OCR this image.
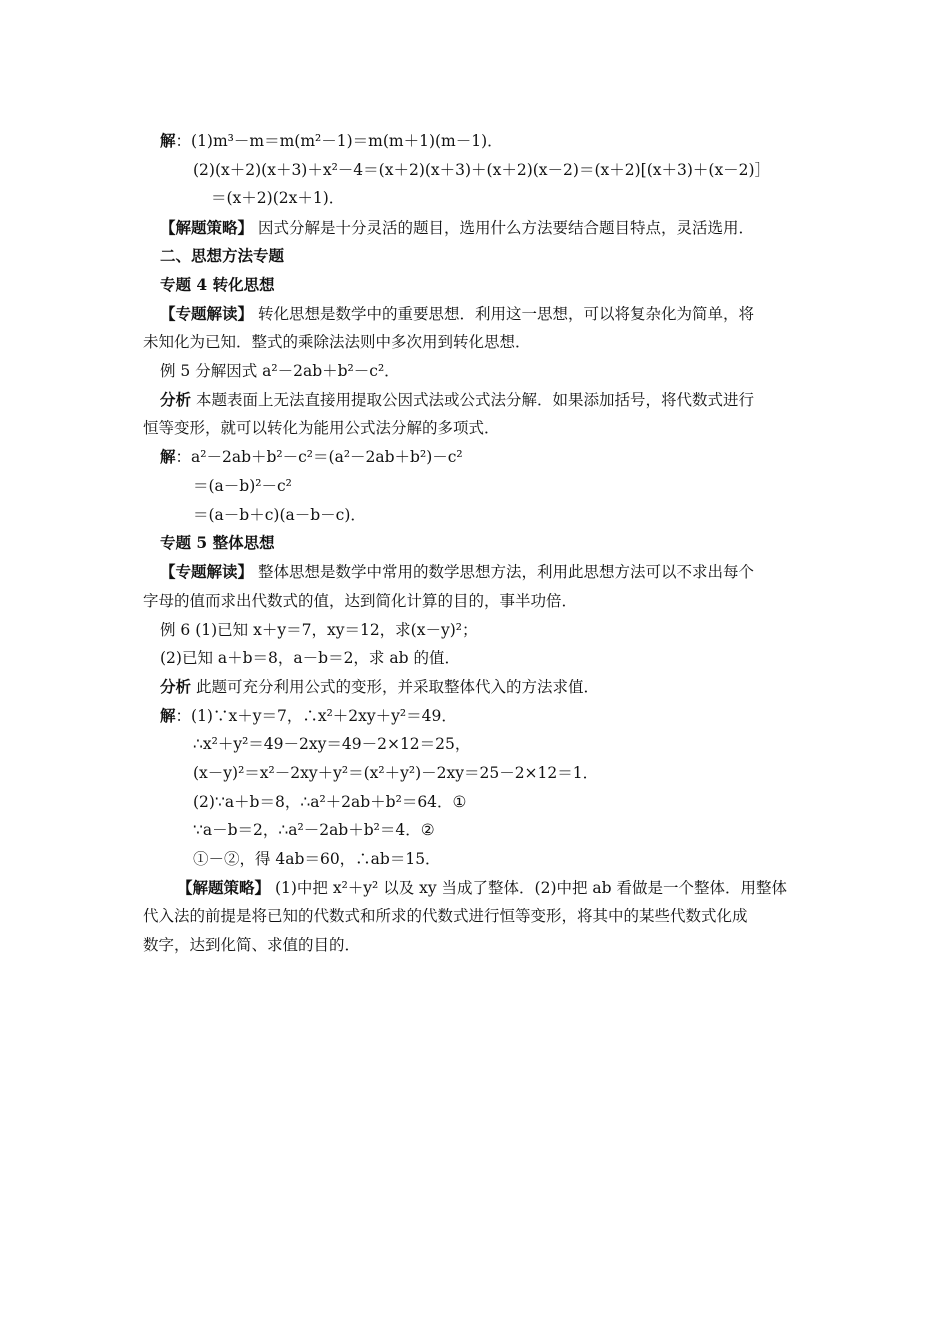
解：(1)m³－m＝m(m²－1)＝m(m＋1)(m－1)．
(2)(x＋2)(x＋3)＋x²－4＝(x＋2)(x＋3)＋(x＋2)(x－2)＝(x＋2)[(x＋3)＋(x－2)］
＝(x＋2)(2x＋1)．
【解题策略】 因式分解是十分灵活的题目，选用什么方法要结合题目特点，灵活选用．
二、思想方法专题
专题 4 转化思想
【专题解读】 转化思想是数学中的重要思想．利用这一思想，可以将复杂化为简单，将
未知化为已知．整式的乘除法法则中多次用到转化思想．
例 5 分解因式 a²－2ab＋b²－c²．
分析 本题表面上无法直接用提取公因式法或公式法分解．如果添加括号，将代数式进行
恒等变形，就可以转化为能用公式法分解的多项式．
解：a²－2ab＋b²－c²＝(a²－2ab＋b²)－c²
＝(a－b)²－c²
＝(a－b＋c)(a－b－c)．
专题 5 整体思想
【专题解读】 整体思想是数学中常用的数学思想方法，利用此思想方法可以不求出每个
字母的值而求出代数式的值，达到简化计算的目的，事半功倍．
例 6 (1)已知 x＋y＝7，xy＝12，求(x－y)²；
(2)已知 a＋b＝8，a－b＝2，求 ab 的值．
分析 此题可充分利用公式的变形，并采取整体代入的方法求值．
解：(1)∵x＋y＝7，∴x²＋2xy＋y²＝49．
∴x²＋y²＝49－2xy＝49－2×12＝25，
(x－y)²＝x²－2xy＋y²＝(x²＋y²)－2xy＝25－2×12＝1．
(2)∵a＋b＝8，∴a²＋2ab＋b²＝64．①
∵a－b＝2，∴a²－2ab＋b²＝4．②
①－②，得 4ab＝60，∴ab＝15．
【解题策略】 (1)中把 x²＋y² 以及 xy 当成了整体．(2)中把 ab 看做是一个整体．用整体
代入法的前提是将已知的代数式和所求的代数式进行恒等变形，将其中的某些代数式化成
数字，达到化简、求值的目的．
